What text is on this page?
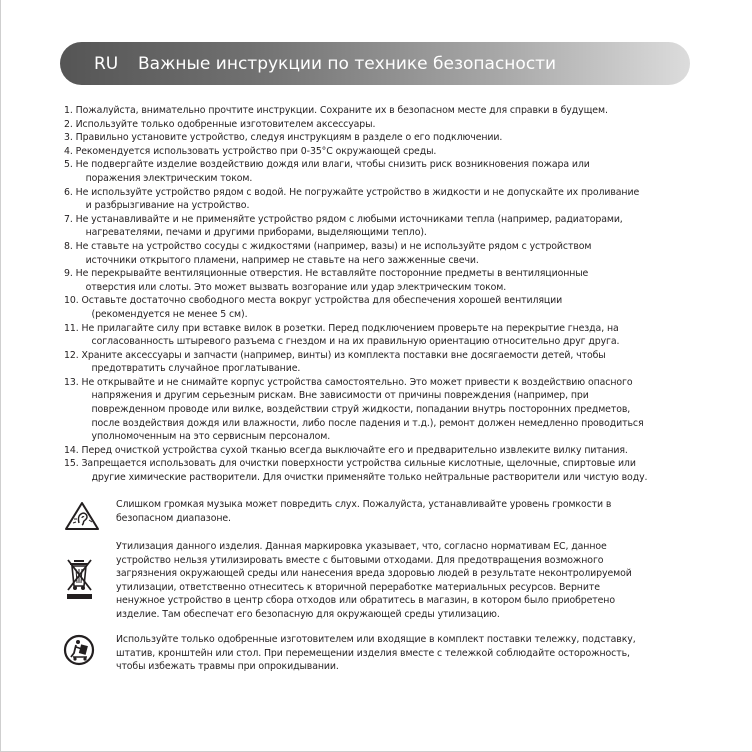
RU	Важные инструкции по технике безопасности
1.
Пожалуйста, внимательно прочтите инструкции. Сохраните их в безопасном месте для справки в будущем.
2.
Используйте только одобренные изготовителем аксессуары.
3.
Правильно установите устройство, следуя инструкциям в разделе о его подключении.
4.
Рекомендуется использовать устройство при 0-35°C окружающей среды.
5.
Не подвергайте изделие воздействию дождя или влаги, чтобы снизить риск возникновения пожара или
поражения электрическим током.
6.
Не используйте устройство рядом с водой. Не погружайте устройство в жидкости и не допускайте их проливание
и разбрызгивание на устройство.
7.
Не устанавливайте и не применяйте устройство рядом с любыми источниками тепла (например, радиаторами,
нагревателями, печами и другими приборами, выделяющими тепло).
8.
Не ставьте на устройство сосуды с жидкостями (например, вазы) и не используйте рядом с устройством
источники открытого пламени, например не ставьте на него зажженные свечи.
9.
Не перекрывайте вентиляционные отверстия. Не вставляйте посторонние предметы в вентиляционные
отверстия или слоты. Это может вызвать возгорание или удар электрическим током.
10.
Оставьте достаточно свободного места вокруг устройства для обеспечения хорошей вентиляции
(рекомендуется не менее 5 см).
11.
Не прилагайте силу при вставке вилок в розетки. Перед подключением проверьте на перекрытие гнезда, на
согласованность штыревого разъема с гнездом и на их правильную ориентацию относительно друг друга.
12.
Храните аксессуары и запчасти (например, винты) из комплекта поставки вне досягаемости детей, чтобы
предотвратить случайное проглатывание.
13.
Не открывайте и не снимайте корпус устройства самостоятельно. Это может привести к воздействию опасного
напряжения и другим серьезным рискам. Вне зависимости от причины повреждения (например, при
поврежденном проводе или вилке, воздействии струй жидкости, попадании внутрь посторонних предметов,
после воздействия дождя или влажности, либо после падения и т.д.), ремонт должен немедленно проводиться
уполномоченным на это сервисным персоналом.
14.
Перед очисткой устройства сухой тканью всегда выключайте его и предварительно извлеките вилку питания.
15.
Запрещается использовать для очистки поверхности устройства сильные кислотные, щелочные, спиртовые или
другие химические растворители. Для очистки применяйте только нейтральные растворители или чистую воду.
Слишком громкая музыка может повредить слух. Пожалуйста, устанавливайте уровень громкости в
безопасном диапазоне.
Утилизация данного изделия. Данная маркировка указывает, что, согласно нормативам ЕС, данное
устройство нельзя утилизировать вместе с бытовыми отходами. Для предотвращения возможного
загрязнения окружающей среды или нанесения вреда здоровью людей в результате неконтролируемой
утилизации, ответственно отнеситесь к вторичной переработке материальных ресурсов. Верните
ненужное устройство в центр сбора отходов или обратитесь в магазин, в котором было приобретено
изделие. Там обеспечат его безопасную для окружающей среды утилизацию.
Используйте только одобренные изготовителем или входящие в комплект поставки тележку, подставку,
штатив, кронштейн или стол. При перемещении изделия вместе с тележкой соблюдайте осторожность,
чтобы избежать травмы при опрокидывании.
